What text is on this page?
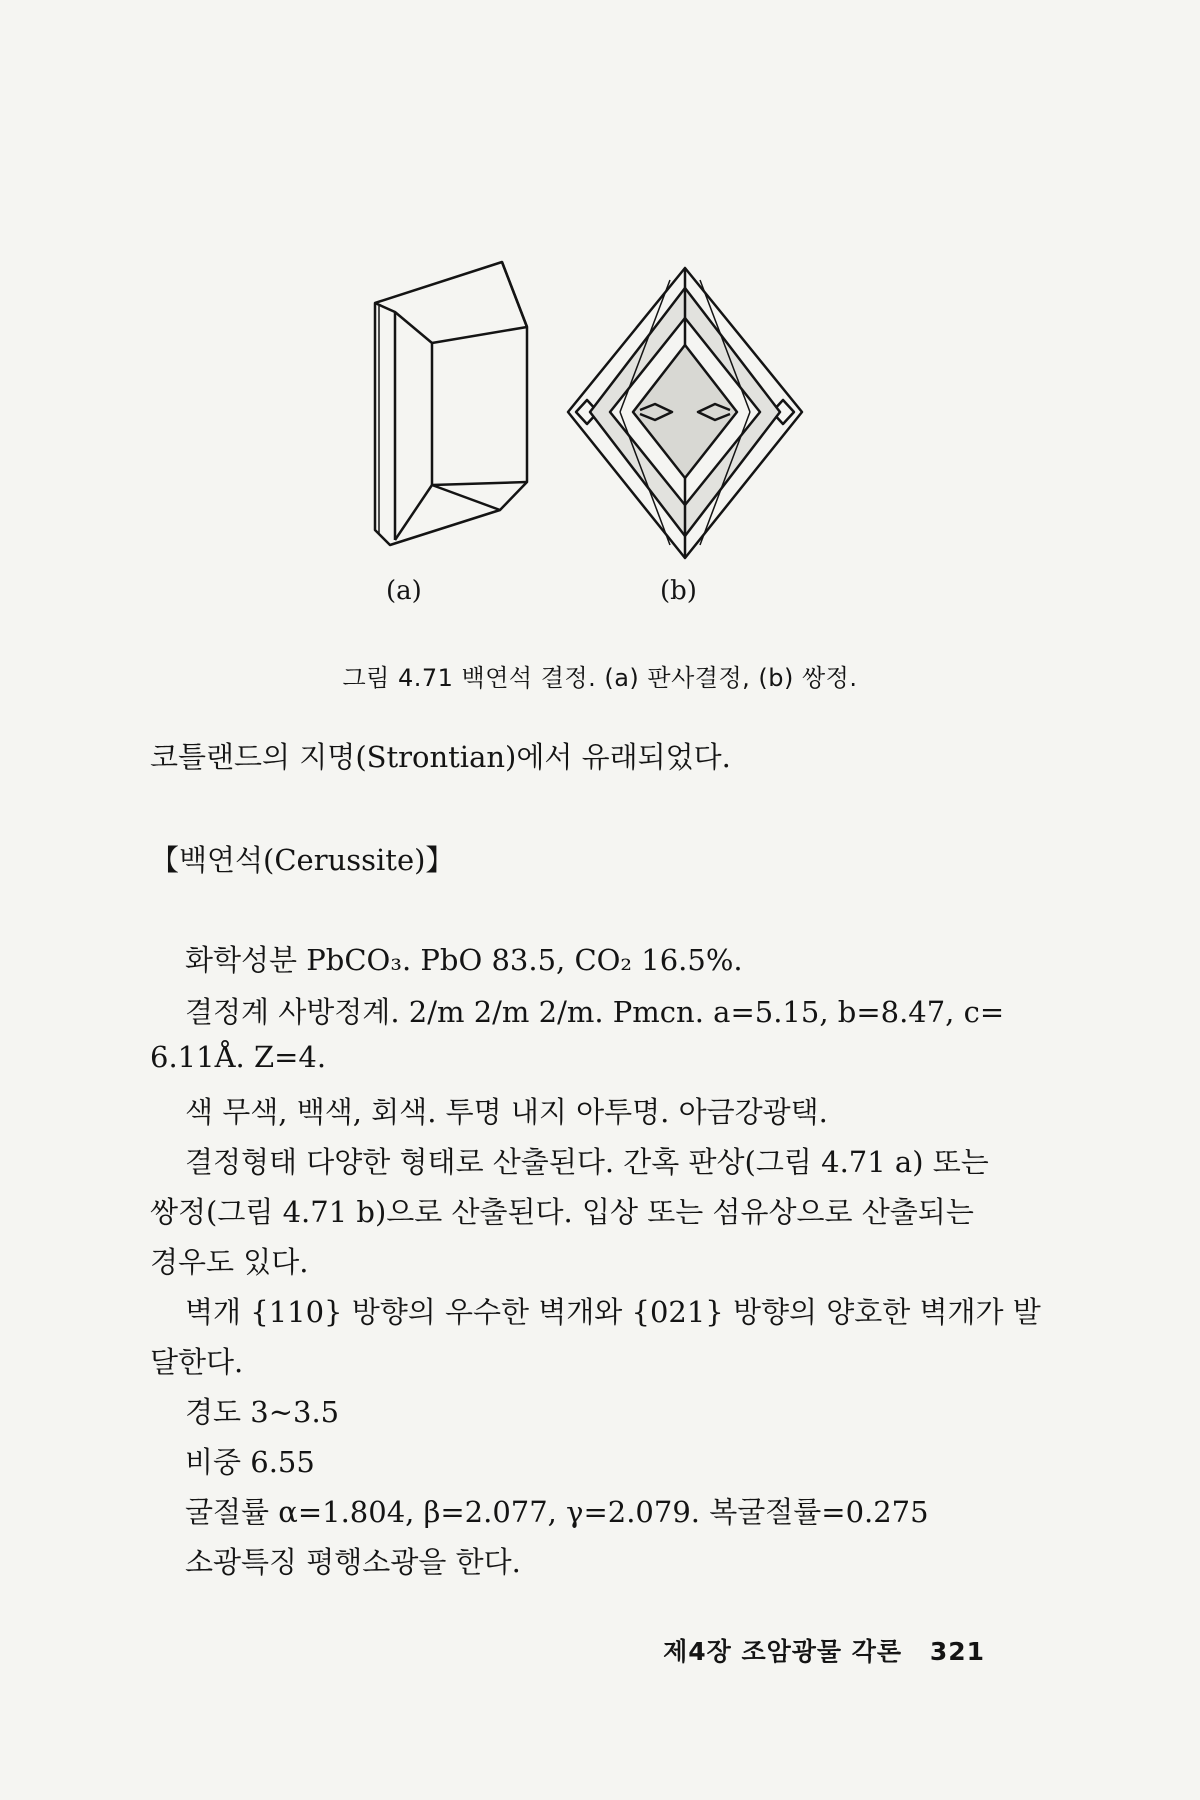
(a)	(b)
그림 4.71 백연석 결정. (a) 판사결정, (b) 쌍정.
코틀랜드의 지명(Strontian)에서 유래되었다.
【백연석(Cerussite)】
화학성분 PbCO₃. PbO 83.5, CO₂ 16.5%.
결정계 사방정계. 2/m 2/m 2/m. Pmcn. a=5.15, b=8.47, c=
6.11Å. Z=4.
색 무색, 백색, 회색. 투명 내지 아투명. 아금강광택.
결정형태 다양한 형태로 산출된다. 간혹 판상(그림 4.71 a) 또는
쌍정(그림 4.71 b)으로 산출된다. 입상 또는 섬유상으로 산출되는
경우도 있다.
벽개 {110} 방향의 우수한 벽개와 {021} 방향의 양호한 벽개가 발
달한다.
경도 3~3.5
비중 6.55
굴절률 α=1.804, β=2.077, γ=2.079. 복굴절률=0.275
소광특징 평행소광을 한다.
제4장 조암광물 각론 321
